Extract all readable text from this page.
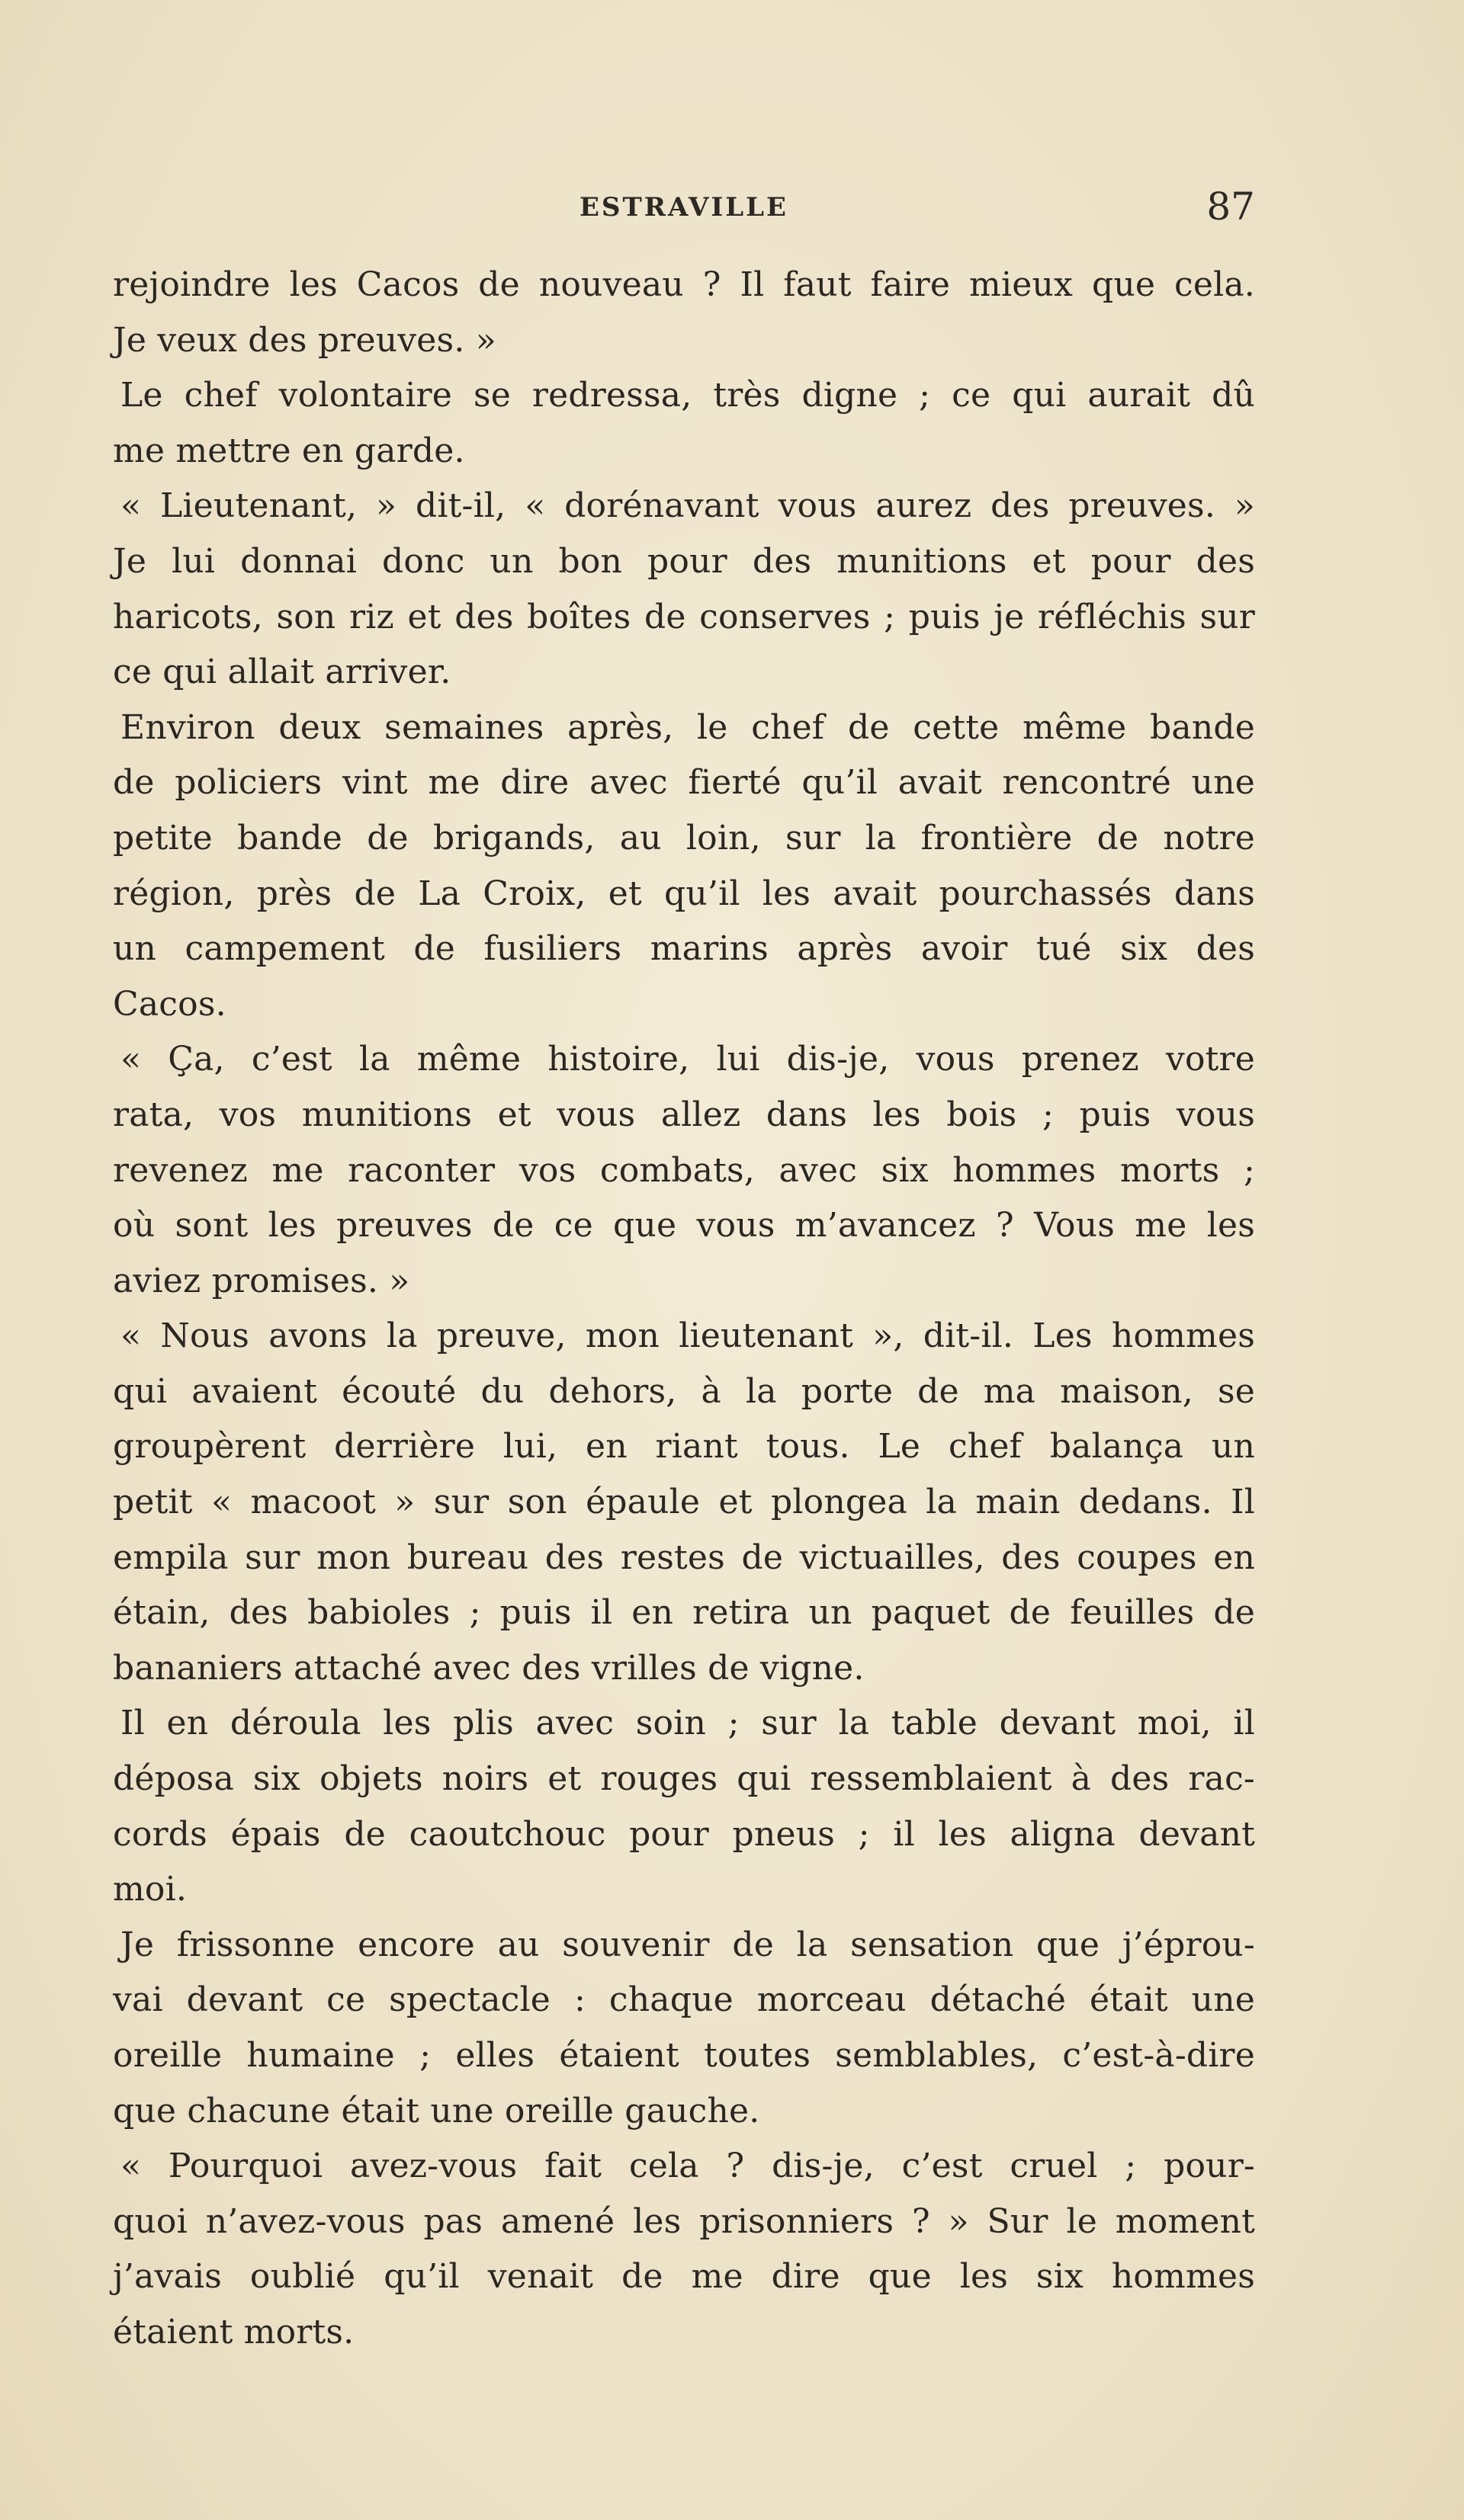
ESTRAVILLE	87
rejoindre les Cacos de nouveau ? Il faut faire mieux que cela.
Je veux des preuves. »
Le chef volontaire se redressa, très digne ; ce qui aurait dû
me mettre en garde.
« Lieutenant, » dit-il, « dorénavant vous aurez des preuves. »
Je lui donnai donc un bon pour des munitions et pour des
haricots, son riz et des boîtes de conserves ; puis je réfléchis sur
ce qui allait arriver.
Environ deux semaines après, le chef de cette même bande
de policiers vint me dire avec fierté qu’il avait rencontré une
petite bande de brigands, au loin, sur la frontière de notre
région, près de La Croix, et qu’il les avait pourchassés dans
un campement de fusiliers marins après avoir tué six des
Cacos.
« Ça, c’est la même histoire, lui dis-je, vous prenez votre
rata, vos munitions et vous allez dans les bois ; puis vous
revenez me raconter vos combats, avec six hommes morts ;
où sont les preuves de ce que vous m’avancez ? Vous me les
aviez promises. »
« Nous avons la preuve, mon lieutenant », dit-il. Les hommes
qui avaient écouté du dehors, à la porte de ma maison, se
groupèrent derrière lui, en riant tous. Le chef balança un
petit « macoot » sur son épaule et plongea la main dedans. Il
empila sur mon bureau des restes de victuailles, des coupes en
étain, des babioles ; puis il en retira un paquet de feuilles de
bananiers attaché avec des vrilles de vigne.
Il en déroula les plis avec soin ; sur la table devant moi, il
déposa six objets noirs et rouges qui ressemblaient à des rac-
cords épais de caoutchouc pour pneus ; il les aligna devant
moi.
Je frissonne encore au souvenir de la sensation que j’éprou-
vai devant ce spectacle : chaque morceau détaché était une
oreille humaine ; elles étaient toutes semblables, c’est-à-dire
que chacune était une oreille gauche.
« Pourquoi avez-vous fait cela ? dis-je, c’est cruel ; pour-
quoi n’avez-vous pas amené les prisonniers ? » Sur le moment
j’avais oublié qu’il venait de me dire que les six hommes
étaient morts.
